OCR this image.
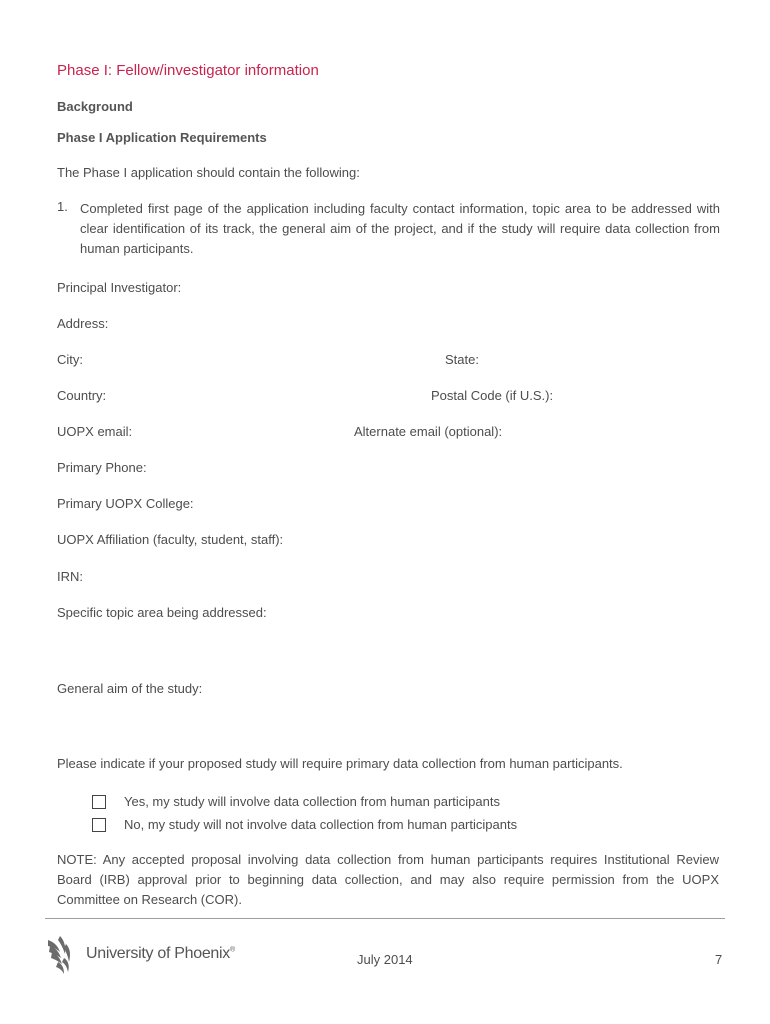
Phase I: Fellow/investigator information
Background
Phase I Application Requirements
The Phase I application should contain the following:
1. Completed first page of the application including faculty contact information, topic area to be addressed with clear identification of its track, the general aim of the project, and if the study will require data collection from human participants.
Principal Investigator:
Address:
City:	State:
Country:	Postal Code (if U.S.):
UOPX email:	Alternate email (optional):
Primary Phone:
Primary UOPX College:
UOPX Affiliation (faculty, student, staff):
IRN:
Specific topic area being addressed:
General aim of the study:
Please indicate if your proposed study will require primary data collection from human participants.
Yes, my study will involve data collection from human participants
No, my study will not involve data collection from human participants
NOTE: Any accepted proposal involving data collection from human participants requires Institutional Review Board (IRB) approval prior to beginning data collection, and may also require permission from the UOPX Committee on Research (COR).
University of Phoenix®
July 2014	7
